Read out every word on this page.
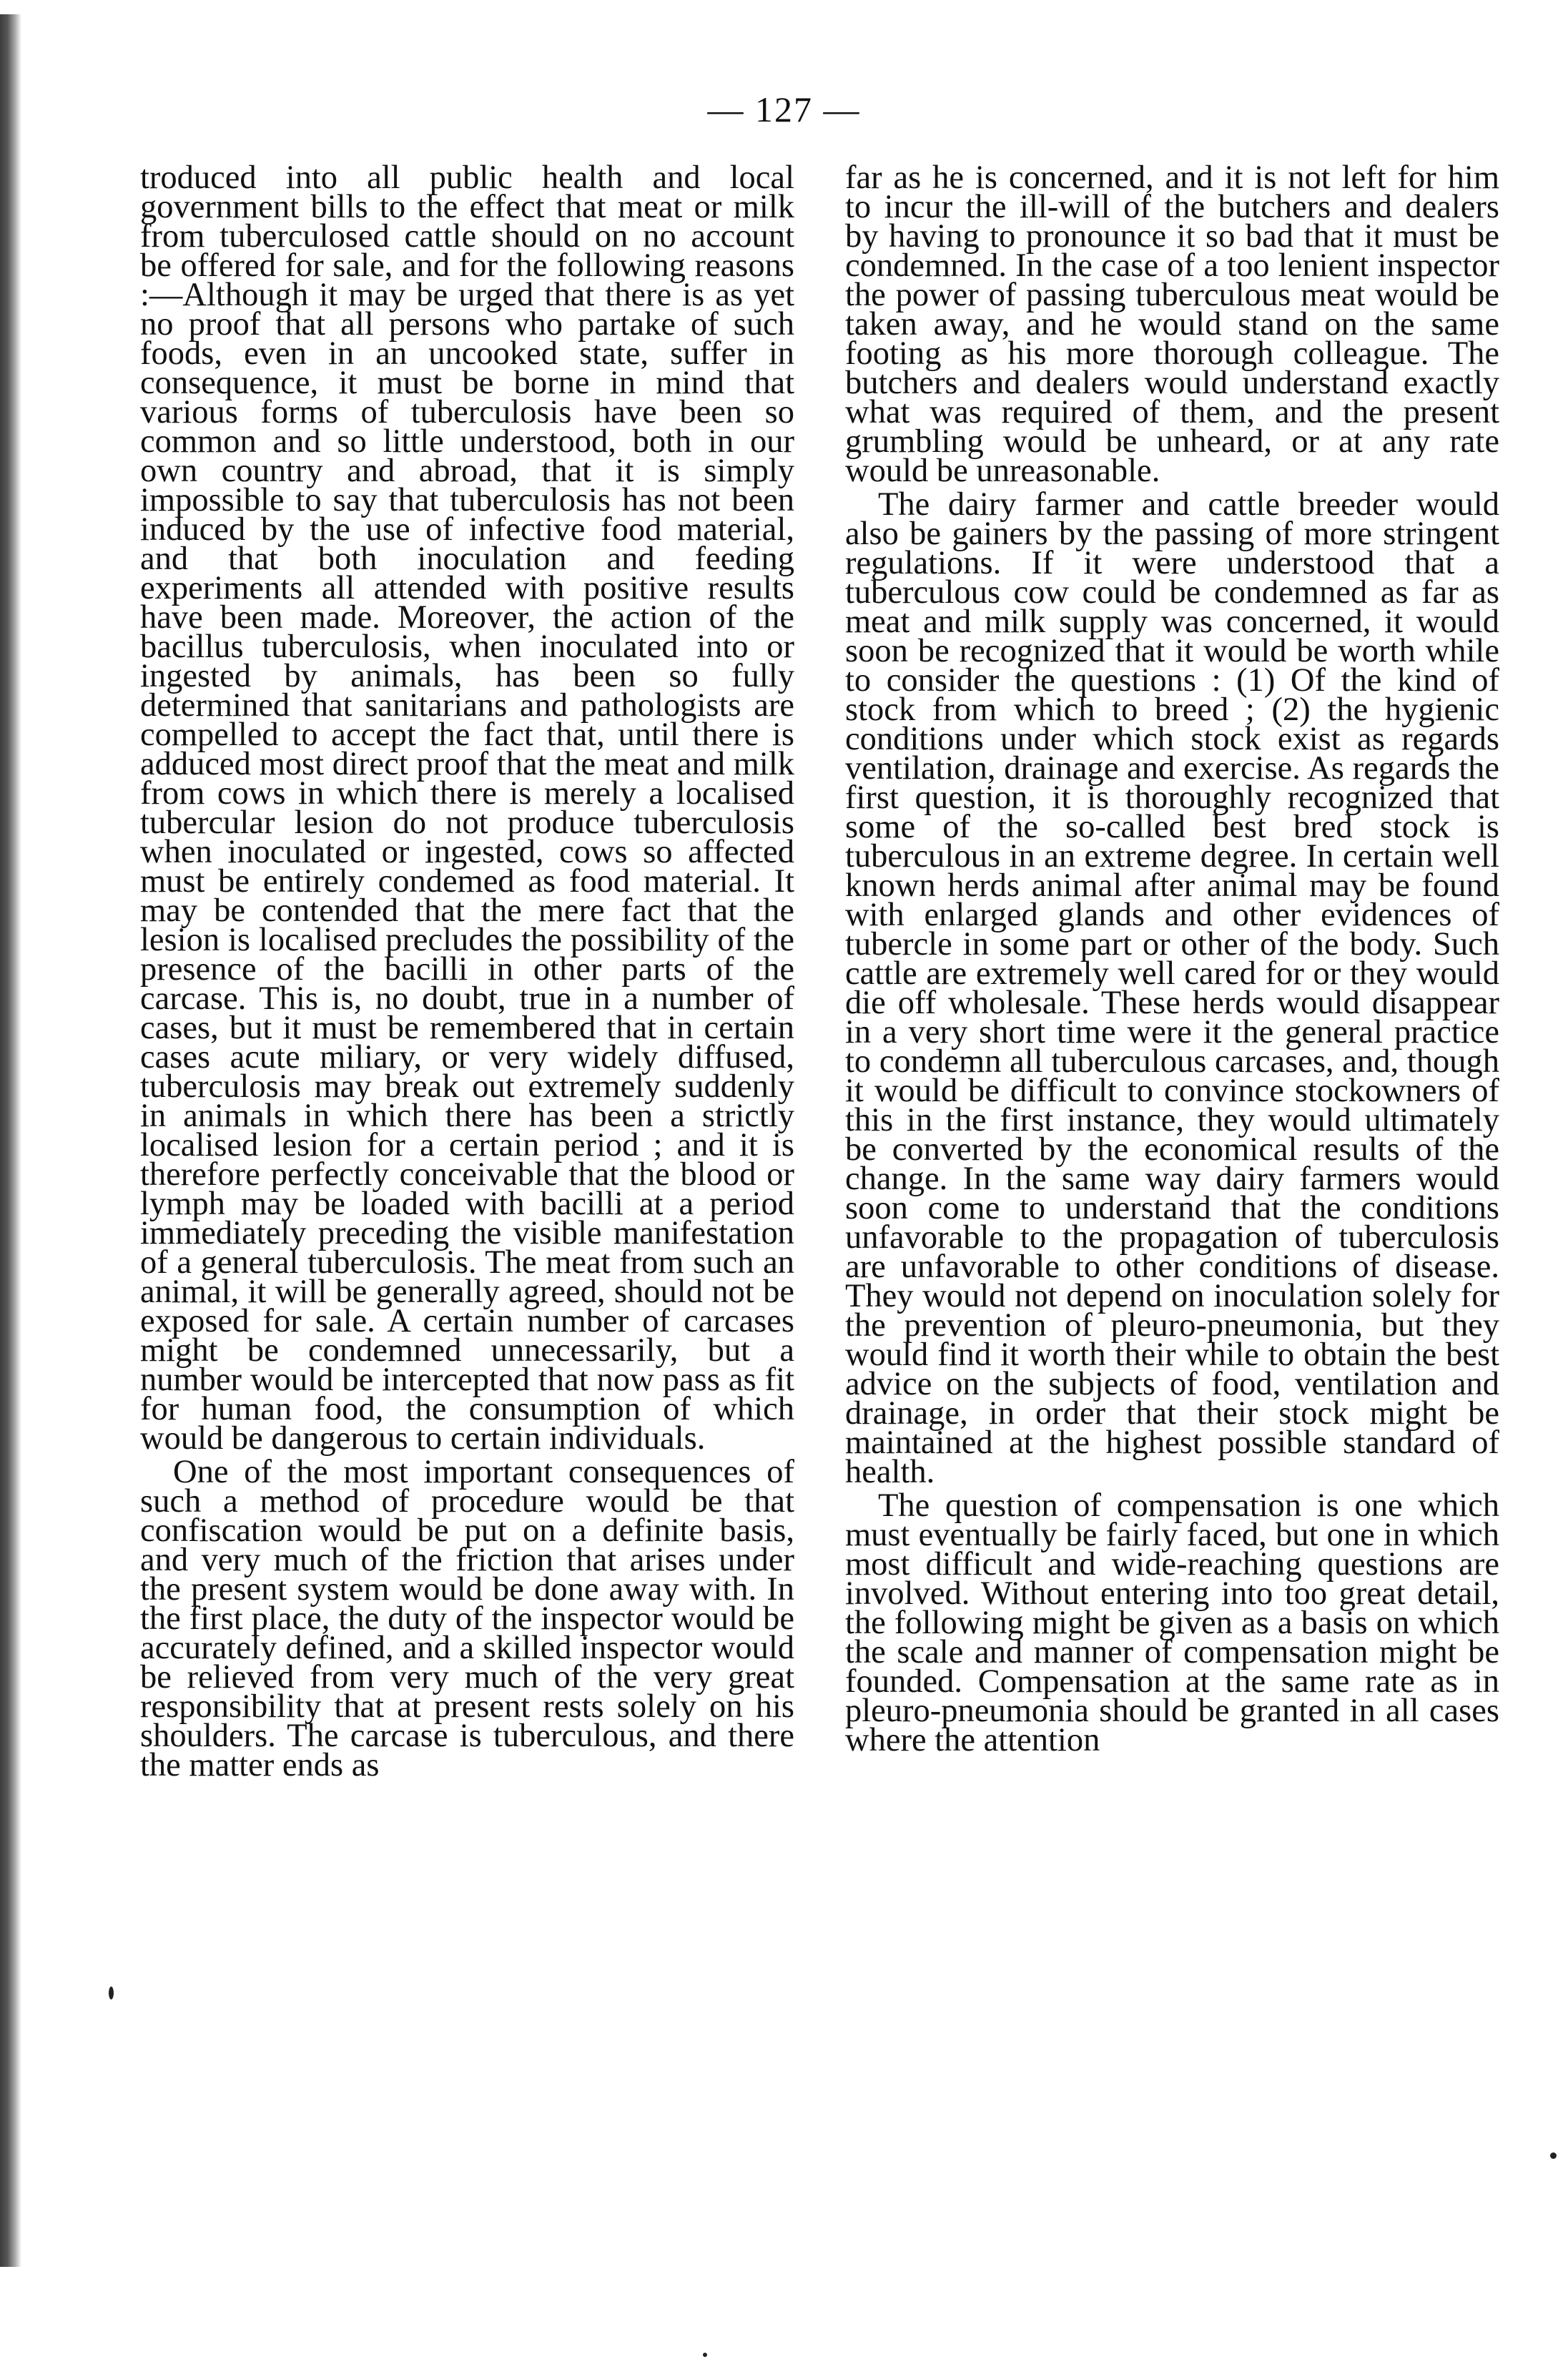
— 127 —

troduced into all public health and local government bills to the effect that meat or milk from tuberculosed cattle should on no account be offered for sale, and for the following reasons :—Although it may be urged that there is as yet no proof that all persons who partake of such foods, even in an uncooked state, suffer in consequence, it must be borne in mind that various forms of tuberculosis have been so common and so little understood, both in our own country and abroad, that it is simply impossible to say that tuberculosis has not been induced by the use of infective food material, and that both inoculation and feeding experiments all attended with positive results have been made. Moreover, the action of the bacillus tuberculosis, when inoculated into or ingested by animals, has been so fully determined that sanitarians and pathologists are compelled to accept the fact that, until there is adduced most direct proof that the meat and milk from cows in which there is merely a localised tubercular lesion do not produce tuberculosis when inoculated or ingested, cows so affected must be entirely condemed as food material. It may be contended that the mere fact that the lesion is localised precludes the possibility of the presence of the bacilli in other parts of the carcase. This is, no doubt, true in a number of cases, but it must be remembered that in certain cases acute miliary, or very widely diffused, tuberculosis may break out extremely suddenly in animals in which there has been a strictly localised lesion for a certain period ; and it is therefore perfectly conceivable that the blood or lymph may be loaded with bacilli at a period immediately preceding the visible manifestation of a general tuberculosis. The meat from such an animal, it will be generally agreed, should not be exposed for sale. A certain number of carcases might be condemned unnecessarily, but a number would be intercepted that now pass as fit for human food, the consumption of which would be dangerous to certain individuals.

One of the most important consequences of such a method of procedure would be that confiscation would be put on a definite basis, and very much of the friction that arises under the present system would be done away with. In the first place, the duty of the inspector would be accurately defined, and a skilled inspector would be relieved from very much of the very great responsibility that at present rests solely on his shoulders. The carcase is tuberculous, and there the matter ends as

far as he is concerned, and it is not left for him to incur the ill-will of the butchers and dealers by having to pronounce it so bad that it must be condemned. In the case of a too lenient inspector the power of passing tuberculous meat would be taken away, and he would stand on the same footing as his more thorough colleague. The butchers and dealers would understand exactly what was required of them, and the present grumbling would be unheard, or at any rate would be unreasonable.

The dairy farmer and cattle breeder would also be gainers by the passing of more stringent regulations. If it were understood that a tuberculous cow could be condemned as far as meat and milk supply was concerned, it would soon be recognized that it would be worth while to consider the questions : (1) Of the kind of stock from which to breed ; (2) the hygienic conditions under which stock exist as regards ventilation, drainage and exercise. As regards the first question, it is thoroughly recognized that some of the so-called best bred stock is tuberculous in an extreme degree. In certain well known herds animal after animal may be found with enlarged glands and other evidences of tubercle in some part or other of the body. Such cattle are extremely well cared for or they would die off wholesale. These herds would disappear in a very short time were it the general practice to condemn all tuberculous carcases, and, though it would be difficult to convince stockowners of this in the first instance, they would ultimately be converted by the economical results of the change. In the same way dairy farmers would soon come to understand that the conditions unfavorable to the propagation of tuberculosis are unfavorable to other conditions of disease. They would not depend on inoculation solely for the prevention of pleuro-pneumonia, but they would find it worth their while to obtain the best advice on the subjects of food, ventilation and drainage, in order that their stock might be maintained at the highest possible standard of health.

The question of compensation is one which must eventually be fairly faced, but one in which most difficult and wide-reaching questions are involved. Without entering into too great detail, the following might be given as a basis on which the scale and manner of compensation might be founded. Compensation at the same rate as in pleuro-pneumonia should be granted in all cases where the attention
